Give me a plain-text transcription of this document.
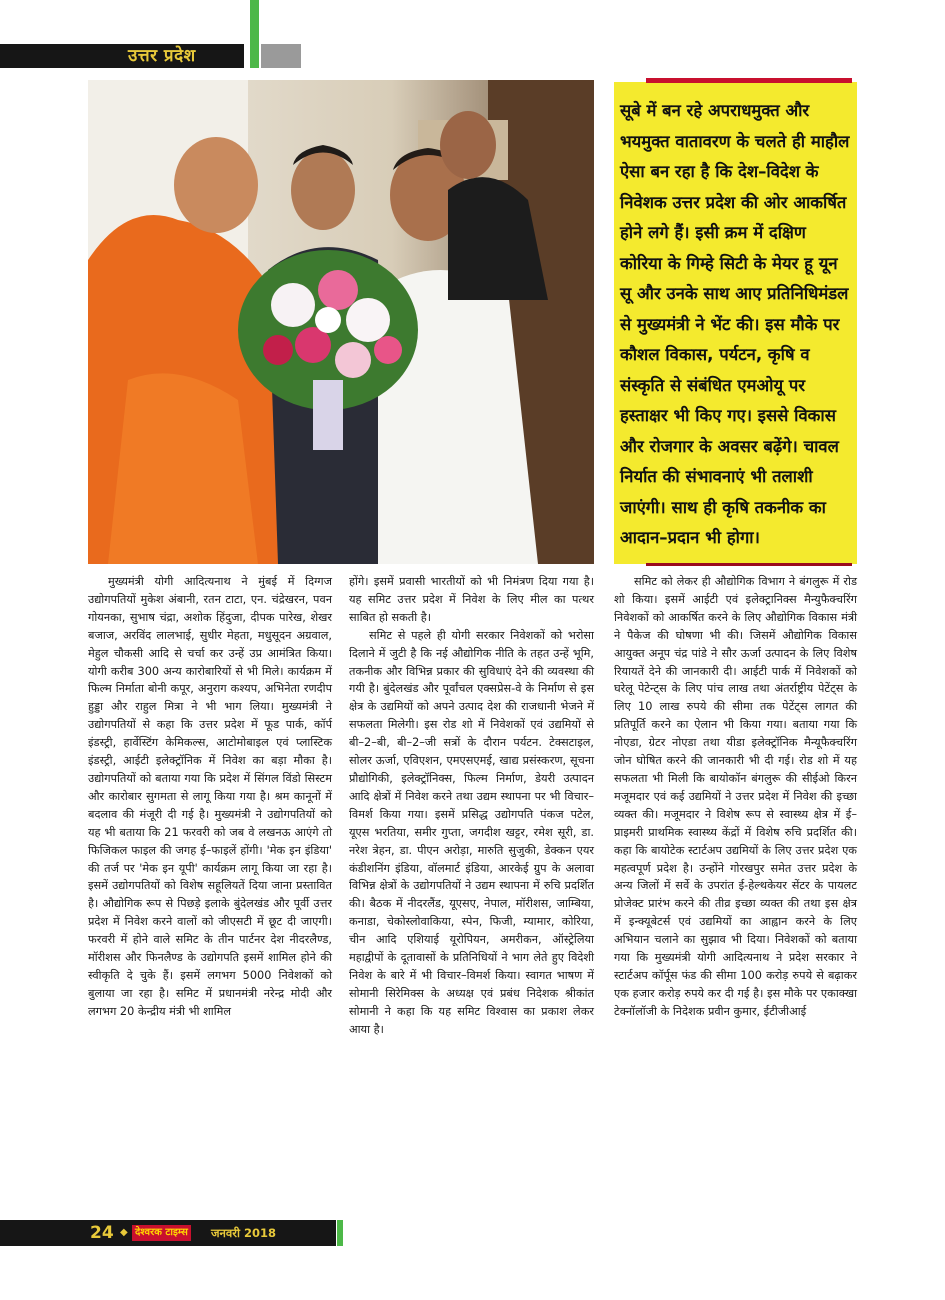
उत्तर प्रदेश
सूबे में बन रहे अपराधमुक्त और भयमुक्त वातावरण के चलते ही माहौल ऐसा बन रहा है कि देश–विदेश के निवेशक उत्तर प्रदेश की ओर आकर्षित होने लगे हैं। इसी क्रम में दक्षिण कोरिया के गिम्हे सिटी के मेयर हू यून सू और उनके साथ आए प्रतिनिधिमंडल से मुख्यमंत्री ने भेंट की। इस मौके पर कौशल विकास, पर्यटन, कृषि व संस्कृति से संबंधित एमओयू पर हस्ताक्षर भी किए गए। इससे विकास और रोजगार के अवसर बढ़ेंगे। चावल निर्यात की संभावनाएं भी तलाशी जाएंगी। साथ ही कृषि तकनीक का आदान–प्रदान भी होगा।

मुख्यमंत्री योगी आदित्यनाथ ने मुंबई में दिग्गज उद्योगपतियों मुकेश अंबानी, रतन टाटा, एन. चंद्रेखरन, पवन गोयनका, सुभाष चंद्रा, अशोक हिंदुजा, दीपक पारेख, शेखर बजाज, अरविंद लालभाई, सुधीर मेहता, मधुसूदन अग्रवाल, मेहुल चौकसी आदि से चर्चा कर उन्हें उप्र आमंत्रित किया। योगी करीब 300 अन्य कारोबारियों से भी मिले। कार्यक्रम में फिल्म निर्माता बोनी कपूर, अनुराग कश्यप, अभिनेता रणदीप हुड्डा और राहुल मित्रा ने भी भाग लिया। मुख्यमंत्री ने उद्योगपतियों से कहा कि उत्तर प्रदेश में फूड पार्क, कॉर्प इंडस्ट्री, हार्वेस्टिंग केमिकल्स, आटोमोबाइल एवं प्लास्टिक इंडस्ट्री, आईटी इलेक्ट्रॉनिक में निवेश का बड़ा मौका है। उद्योगपतियों को बताया गया कि प्रदेश में सिंगल विंडो सिस्टम और कारोबार सुगमता से लागू किया गया है। श्रम कानूनों में बदलाव की मंजूरी दी गई है। मुख्यमंत्री ने उद्योगपतियों को यह भी बताया कि 21 फरवरी को जब वे लखनऊ आएंगे तो फिजिकल फाइल की जगह ई–फाइलें होंगी। 'मेक इन इंडिया' की तर्ज पर 'मेक इन यूपी' कार्यक्रम लागू किया जा रहा है। इसमें उद्योगपतियों को विशेष सहूलियतें दिया जाना प्रस्तावित है। औद्योगिक रूप से पिछड़े इलाके बुंदेलखंड और पूर्वी उत्तर प्रदेश में निवेश करने वालों को जीएसटी में छूट दी जाएगी। फरवरी में होने वाले समिट के तीन पार्टनर देश नीदरलैण्ड, मॉरीशस और फिनलैण्ड के उद्योगपति इसमें शामिल होने की स्वीकृति दे चुके हैं। इसमें लगभग 5000 निवेशकों को बुलाया जा रहा है। समिट में प्रधानमंत्री नरेन्द्र मोदी और लगभग 20 केन्द्रीय मंत्री भी शामिल

होंगे। इसमें प्रवासी भारतीयों को भी निमंत्रण दिया गया है। यह समिट उत्तर प्रदेश में निवेश के लिए मील का पत्थर साबित हो सकती है।

समिट से पहले ही योगी सरकार निवेशकों को भरोसा दिलाने में जुटी है कि नई औद्योगिक नीति के तहत उन्हें भूमि, तकनीक और विभिन्न प्रकार की सुविधाएं देने की व्यवस्था की गयी है। बुंदेलखंड और पूर्वांचल एक्सप्रेस-वे के निर्माण से इस क्षेत्र के उद्यमियों को अपने उत्पाद देश की राजधानी भेजने में सफलता मिलेगी। इस रोड शो में निवेशकों एवं उद्यमियों से बी–2–बी, बी–2–जी सत्रों के दौरान पर्यटन. टेक्सटाइल, सोलर ऊर्जा, एविएशन, एमएसएमई, खाद्य प्रसंस्करण, सूचना प्रौद्योगिकी, इलेक्ट्रॉनिक्स, फिल्म निर्माण, डेयरी उत्पादन आदि क्षेत्रों में निवेश करने तथा उद्यम स्थापना पर भी विचार–विमर्श किया गया। इसमें प्रसिद्ध उद्योगपति पंकज पटेल, यूएस भरतिया, समीर गुप्ता, जगदीश खट्टर, रमेश सूरी, डा. नरेश त्रेहन, डा. पीएन अरोड़ा, मारुति सुजुकी, डेक्कन एयर कंडीशनिंग इंडिया, वॉलमार्ट इंडिया, आरकेई ग्रुप के अलावा विभिन्न क्षेत्रों के उद्योगपतियों ने उद्यम स्थापना में रुचि प्रदर्शित की। बैठक में नीदरलैंड, यूएसए, नेपाल, मॉरीशस, जाम्बिया, कनाडा, चेकोस्लोवाकिया, स्पेन, फिजी, म्यामार, कोरिया, चीन आदि एशियाई यूरोपियन, अमरीकन, ऑस्ट्रेलिया महाद्वीपों के दूतावासों के प्रतिनिधियों ने भाग लेते हुए विदेशी निवेश के बारे में भी विचार–विमर्श किया। स्वागत भाषण में सोमानी सिरेमिक्स के अध्यक्ष एवं प्रबंध निदेशक श्रीकांत सोमानी ने कहा कि यह समिट विश्वास का प्रकाश लेकर आया है।

समिट को लेकर ही औद्योगिक विभाग ने बंगलुरू में रोड शो किया। इसमें आईटी एवं इलेक्ट्रानिक्स मैन्युफैक्चरिंग निवेशकों को आकर्षित करने के लिए औद्योगिक विकास मंत्री ने पैकेज की घोषणा भी की। जिसमें औद्योगिक विकास आयुक्त अनूप चंद्र पांडे ने सौर ऊर्जा उत्पादन के लिए विशेष रियायतें देने की जानकारी दी। आईटी पार्क में निवेशकों को घरेलू पेटेन्ट्स के लिए पांच लाख तथा अंतर्राष्ट्रीय पेटेंट्स के लिए 10 लाख रुपये की सीमा तक पेटेंट्स लागत की प्रतिपूर्ति करने का ऐलान भी किया गया। बताया गया कि नोएडा, ग्रेटर नोएडा तथा यीडा इलेक्ट्रॉनिक मैन्यूफैक्चरिंग जोन घोषित करने की जानकारी भी दी गई। रोड शो में यह सफलता भी मिली कि बायोकॉन बंगलुरू की सीईओ किरन मजूमदार एवं कई उद्यमियों ने उत्तर प्रदेश में निवेश की इच्छा व्यक्त की। मजूमदार ने विशेष रूप से स्वास्थ्य क्षेत्र में ई–प्राइमरी प्राथमिक स्वास्थ्य केंद्रों में विशेष रुचि प्रदर्शित की। कहा कि बायोटेक स्टार्टअप उद्यमियों के लिए उत्तर प्रदेश एक महत्वपूर्ण प्रदेश है। उन्होंने गोरखपुर समेत उत्तर प्रदेश के अन्य जिलों में सर्वे के उपरांत ई-हेल्थकेयर सेंटर के पायलट प्रोजेक्ट प्रारंभ करने की तीव्र इच्छा व्यक्त की तथा इस क्षेत्र में इन्क्यूबेटर्स एवं उद्यमियों का आह्वान करने के लिए अभियान चलाने का सुझाव भी दिया। निवेशकों को बताया गया कि मुख्यमंत्री योगी आदित्यनाथ ने प्रदेश सरकार ने स्टार्टअप कॉर्पूस फंड की सीमा 100 करोड़ रुपये से बढ़ाकर एक हजार करोड़ रुपये कर दी गई है। इस मौके पर एकाक्खा टेक्नॉलॉजी के निदेशक प्रवीन कुमार, ईटीजीआई

24 ◆ देश्वरक टाइम्स जनवरी 2018
